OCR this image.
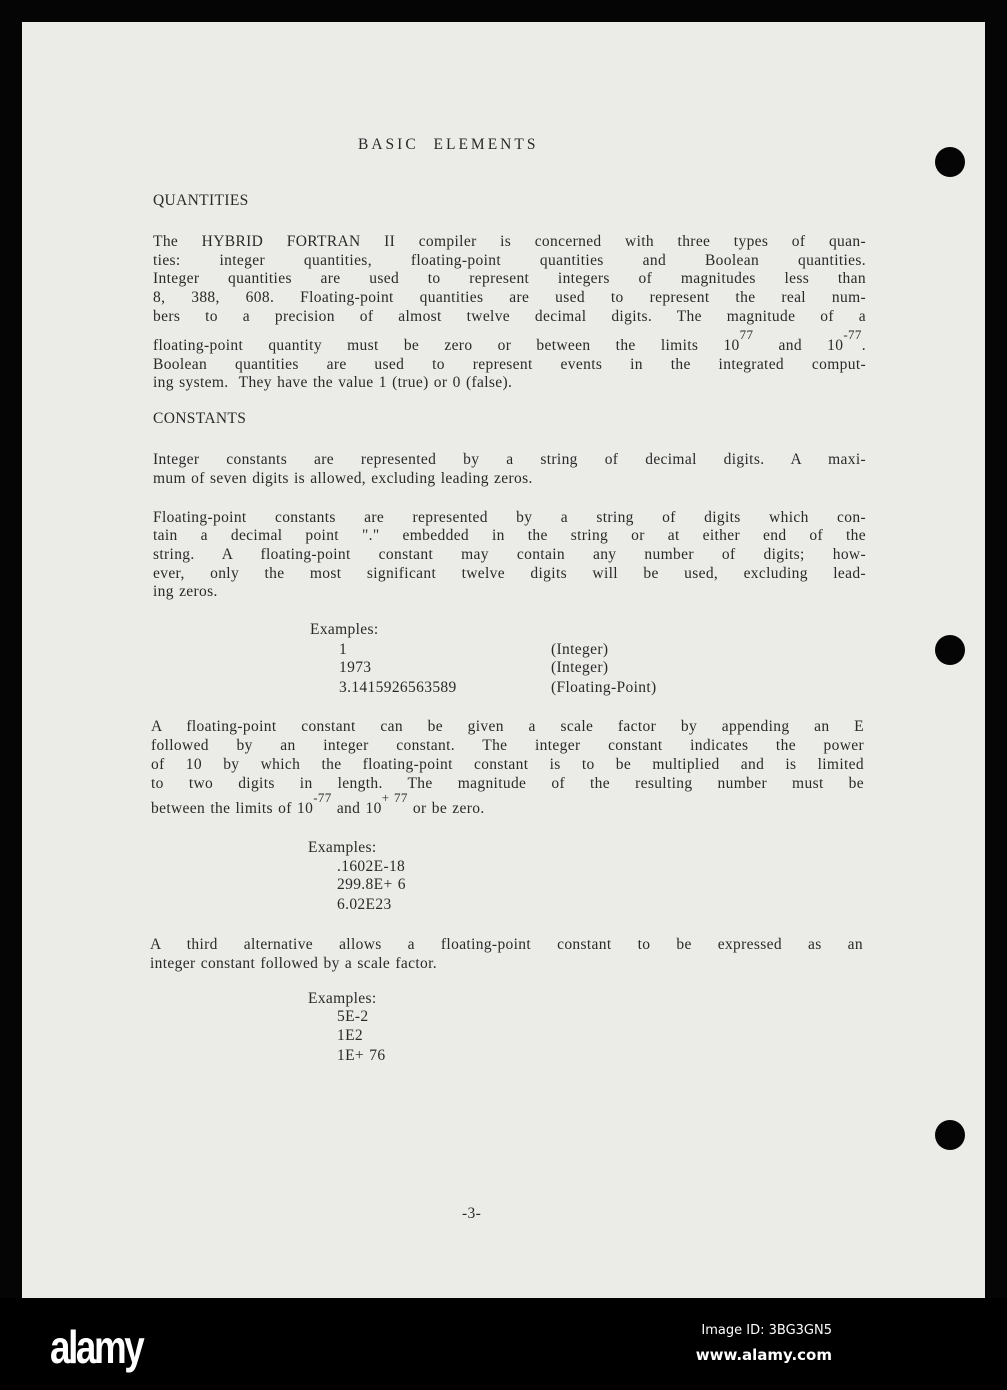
BASIC ELEMENTS
QUANTITIES
CONSTANTS
The HYBRID FORTRAN II compiler is concerned with three types of quan-
ties: integer quantities, floating-point quantities and Boolean quantities.
Integer quantities are used to represent integers of magnitudes less than
8, 388, 608. Floating-point quantities are used to represent the real num-
bers to a precision of almost twelve decimal digits. The magnitude of a
floating-point quantity must be zero or between the limits $10^{77}$ and $10^{-77}$.
Boolean quantities are used to represent events in the integrated comput-
ing system.  They have the value 1 (true) or 0 (false).
Integer constants are represented by a string of decimal digits. A maxi-
mum of seven digits is allowed, excluding leading zeros.
Floating-point constants are represented by a string of digits which con-
tain a decimal point "." embedded in the string or at either end of the
string. A floating-point constant may contain any number of digits; how-
ever, only the most significant twelve digits will be used, excluding lead-
ing zeros.
A floating-point constant can be given a scale factor by appending an E
followed by an integer constant. The integer constant indicates the power
of 10 by which the floating-point constant is to be multiplied and is limited
to two digits in length. The magnitude of the resulting number must be
between the limits of $10^{-77}$ and $10^{+ 77}$ or be zero.
A third alternative allows a floating-point constant to be expressed as an
integer constant followed by a scale factor.
Examples:
1	(Integer)
1973	(Integer)
3.1415926563589	(Floating-Point)
Examples:
.1602E-18
299.8E+ 6
6.02E23
Examples:
5E-2
1E2
1E+ 76
-3-
alamy	Image ID: 3BG3GN5
www.alamy.com
